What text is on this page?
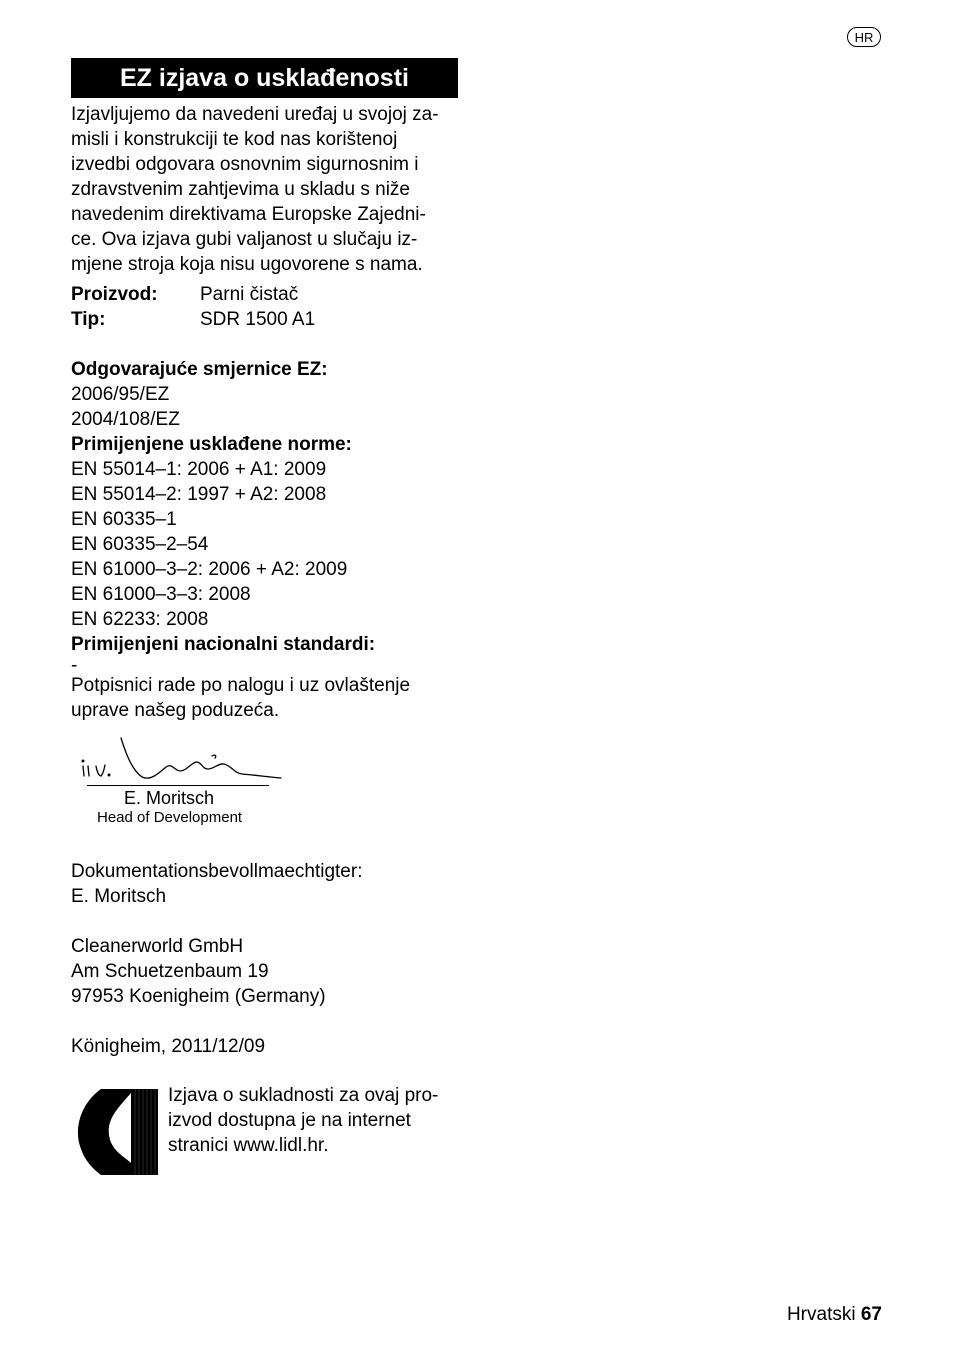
HR
EZ izjava o usklađenosti
Izjavljujemo da navedeni uređaj u svojoj za-
misli i konstrukciji te kod nas korištenoj
izvedbi odgovara osnovnim sigurnosnim i
zdravstvenim zahtjevima u skladu s niže
navedenim direktivama Europske Zajedni-
ce. Ova izjava gubi valjanost u slučaju iz-
mjene stroja koja nisu ugovorene s nama.
Proizvod: Parni čistač
Tip:	SDR 1500 A1
Odgovarajuće smjernice EZ:
2006/95/EZ
2004/108/EZ
Primijenjene usklađene norme:
EN 55014–1: 2006 + A1: 2009
EN 55014–2: 1997 + A2: 2008
EN 60335–1
EN 60335–2–54
EN 61000–3–2: 2006 + A2: 2009
EN 61000–3–3: 2008
EN 62233: 2008
Primijenjeni nacionalni standardi:
-
Potpisnici rade po nalogu i uz ovlaštenje
uprave našeg poduzeća.
E. Moritsch
Head of Development
Dokumentationsbevollmaechtigter:
E. Moritsch
Cleanerworld GmbH
Am Schuetzenbaum 19
97953 Koenigheim (Germany)
Königheim, 2011/12/09
Izjava o sukladnosti za ovaj pro-
izvod dostupna je na internet
stranici www.lidl.hr.
Hrvatski 67
